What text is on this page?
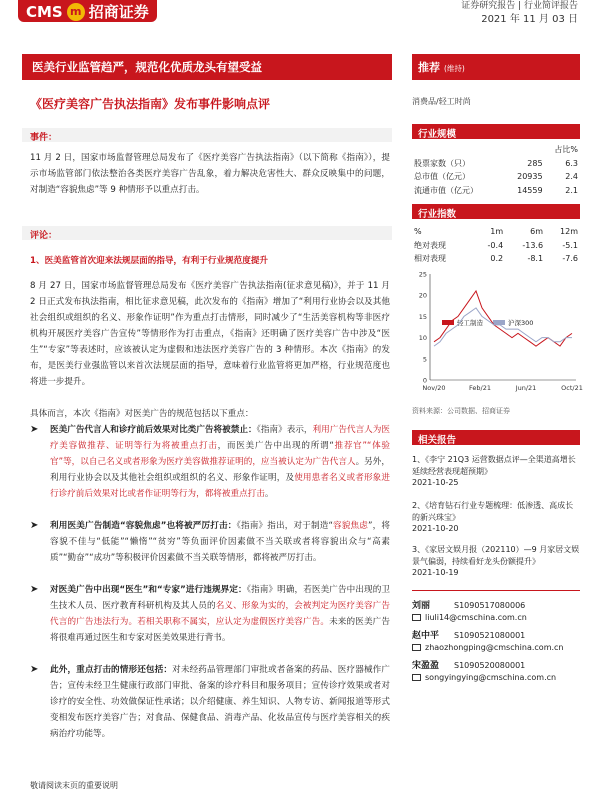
CMS m 招商证券	证券研究报告 | 行业简评报告
2021 年 11 月 03 日
医美行业监管趋严，规范化优质龙头有望受益
《医疗美容广告执法指南》发布事件影响点评
事件：
11 月 2 日，国家市场监督管理总局发布了《医疗美容广告执法指南》（以下简称《指南》），提示市场监管部门依法整治各类医疗美容广告乱象，着力解决危害性大、群众反映集中的问题，对制造“容貌焦虑”等 9 种情形予以重点打击。
评论：
1、医美监管首次迎来法规层面的指导，有利于行业规范度提升
8 月 27 日，国家市场监督管理总局发布《医疗美容广告执法指南(征求意见稿)》，并于 11 月 2 日正式发布执法指南，相比征求意见稿，此次发布的《指南》增加了“利用行业协会以及其他社会组织或组织的名义、形象作证明”作为重点打击情形，同时减少了“生活美容机构等非医疗机构开展医疗美容广告宣传”等情形作为打击重点，《指南》还明确了医疗美容广告中涉及“医生”“专家”等表述时，应该被认定为虚假和违法医疗美容广告的 3 种情形。本次《指南》的发布，是医美行业强监管以来首次法规层面的指导，意味着行业监管将更加严格，行业规范度也将进一步提升。
具体而言，本次《指南》对医美广告的规范包括以下重点：
➤ 医美广告代言人和诊疗前后效果对比类广告将被禁止：《指南》表示，利用广告代言人为医疗美容做推荐、证明等行为将被重点打击，而医美广告中出现的所谓“推荐官”“体验官”等，以自己名义或者形象为医疗美容做推荐证明的，应当被认定为广告代言人。另外，利用行业协会以及其他社会组织或组织的名义、形象作证明，及使用患者名义或者形象进行诊疗前后效果对比或者作证明等行为，都将被重点打击。
➤ 利用医美广告制造“容貌焦虑”也将被严厉打击：《指南》指出，对于制造“容貌焦虑”，将容貌不佳与“低能”“懒惰”“贫穷”等负面评价因素做不当关联或者将容貌出众与“高素质”“勤奋”“成功”等积极评价因素做不当关联等情形，都将被严厉打击。
➤ 对医美广告中出现“医生”和“专家”进行违规界定：《指南》明确，若医美广告中出现的卫生技术人员、医疗教育科研机构及其人员的名义、形象为实的，会被判定为医疗美容广告代言的广告违法行为。若相关职称不属实，应认定为虚假医疗美容广告。未来的医美广告将很难再通过医生和专家对医美效果进行背书。
➤ 此外，重点打击的情形还包括：对未经药品管理部门审批或者备案的药品、医疗器械作广告；宣传未经卫生健康行政部门审批、备案的诊疗科目和服务项目；宣传诊疗效果或者对诊疗的安全性、功效做保证性承诺；以介绍健康、养生知识、人物专访、新闻报道等形式变相发布医疗美容广告；对食品、保健食品、消毒产品、化妆品宣传与医疗美容相关的疾病治疗功能等。
推荐 (维持)
消费品/轻工时尚
行业规模
		占比%
股票家数（只）	285	6.3
总市值（亿元）	20935	2.4
流通市值（亿元）	14559	2.1
行业指数
%	1m	6m	12m
绝对表现	-0.4	-13.6	-5.1
相对表现	0.2	-8.1	-7.6
轻工制造	沪深300
0
5
10
15
20
25
Nov/20	Feb/21	Jun/21	Oct/21
资料来源：公司数据、招商证券
相关报告
1、《李宁 21Q3 运营数据点评—全渠道高增长延续经营表现超预期》
2021-10-25
2、《培育钻石行业专题梳理：低渗透、高成长的新兴珠宝》
2021-10-20
3、《家居文娱月报（202110）—9 月家居文娱景气偏弱，持续看好龙头份额提升》
2021-10-19
刘丽	S1090517080006
liuli14@cmschina.com.cn
赵中平 S1090521080001
zhaozhongping@cmschina.com.cn
宋盈盈 S1090520080001
songyingying@cmschina.com.cn
敬请阅读末页的重要说明
